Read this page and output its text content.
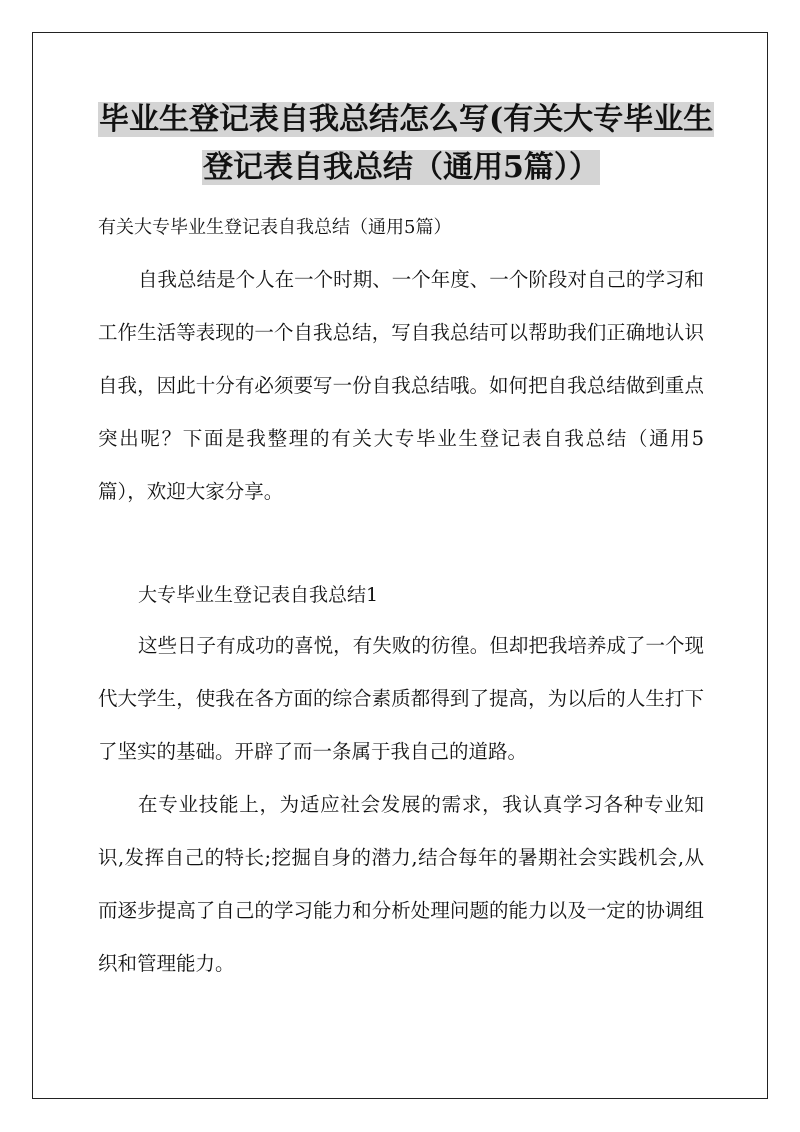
毕业生登记表自我总结怎么写(有关大专毕业生
登记表自我总结（通用5篇））
有关大专毕业生登记表自我总结（通用5篇）

自我总结是个人在一个时期、一个年度、一个阶段对自己的学习和工作生活等表现的一个自我总结，写自我总结可以帮助我们正确地认识自我，因此十分有必须要写一份自我总结哦。如何把自我总结做到重点突出呢？下面是我整理的有关大专毕业生登记表自我总结（通用5篇），欢迎大家分享。

大专毕业生登记表自我总结1

这些日子有成功的喜悦，有失败的彷徨。但却把我培养成了一个现代大学生，使我在各方面的综合素质都得到了提高，为以后的人生打下了坚实的基础。开辟了而一条属于我自己的道路。

在专业技能上，为适应社会发展的需求，我认真学习各种专业知识,发挥自己的特长;挖掘自身的潜力,结合每年的暑期社会实践机会,从而逐步提高了自己的学习能力和分析处理问题的能力以及一定的协调组织和管理能力。
